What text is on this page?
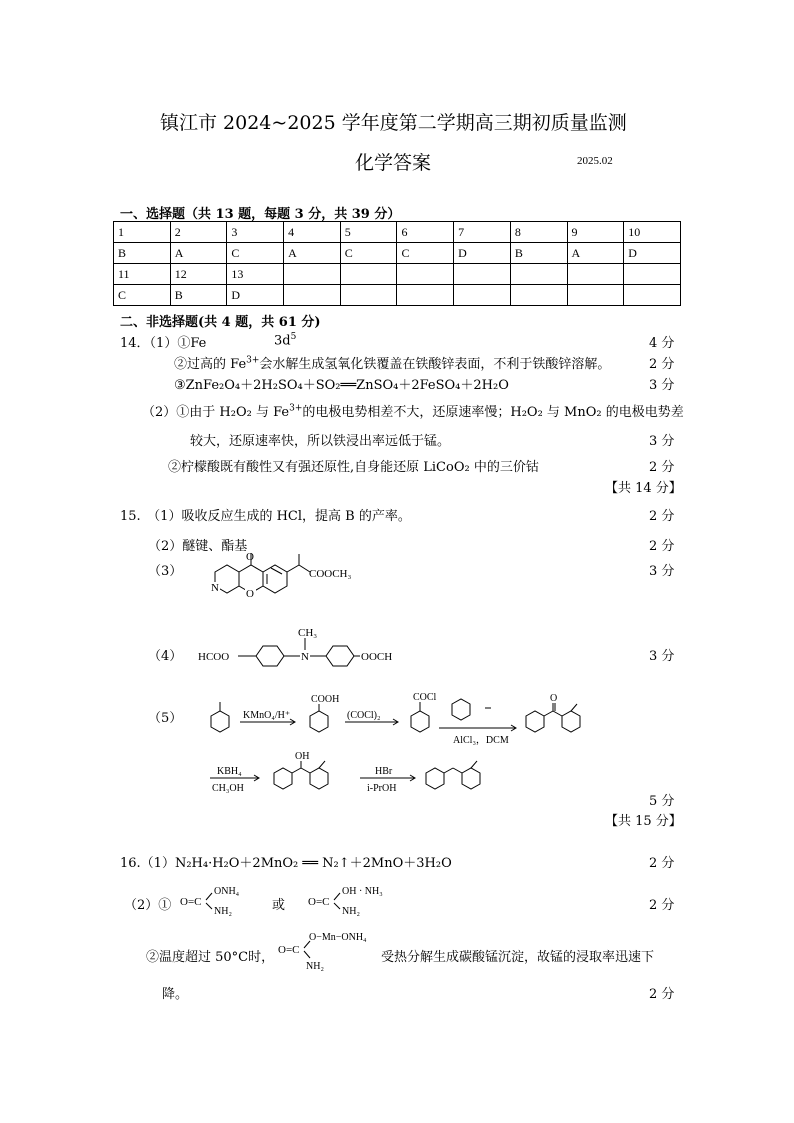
镇江市 2024~2025 学年度第二学期高三期初质量监测
化学答案	2025.02
一、选择题（共 13 题，每题 3 分，共 39 分）
1	2	3	4	5	6	7	8	9	10
B	A	C	A	C	C	D	B	A	D
11	12	13							
C	B	D							
二、非选择题(共 4 题，共 61 分)
14．（1）①Fe	$3d^5$	4 分
②过高的 $Fe^{3+}$会水解生成氢氧化铁覆盖在铁酸锌表面，不利于铁酸锌溶解。	2 分
③ZnFe₂O₄＋2H₂SO₄＋SO₂══ZnSO₄＋2FeSO₄＋2H₂O	3 分
（2）①由于 H₂O₂ 与 $Fe^{3+}$的电极电势相差不大，还原速率慢；H₂O₂ 与 MnO₂ 的电极电势差
较大，还原速率快，所以铁浸出率远低于锰。	3 分
②柠檬酸既有酸性又有强还原性,自身能还原 LiCoO₂ 中的三价钴	2 分
【共 14 分】
15.　（1）吸收反应生成的 HCl，提高 B 的产率。	2 分
（2）醚键、酯基	2 分
（3）	3 分
O
N O
COOCH₃
（4）	3 分
HCOO	N
CH₃
OOCH
（5）	KMnO₄/H⁺
COOH
(COCl)₂
COCl
AlCl₃，DCM
O
KBH₄
CH₃OH
OH
HBr
i-PrOH
5 分
【共 15 分】
16.（1）N₂H₄·H₂O＋2MnO₂ ══ N₂↑＋2MnO＋3H₂O	2 分
（2）① O=C
ONH₄
NH₂	或 O=C
OH · NH₃
NH₂	2 分
②温度超过 50°C时， O=C
O−Mn−ONH₄
NH₂
受热分解生成碳酸锰沉淀，故锰的浸取率迅速下
降。	2 分
